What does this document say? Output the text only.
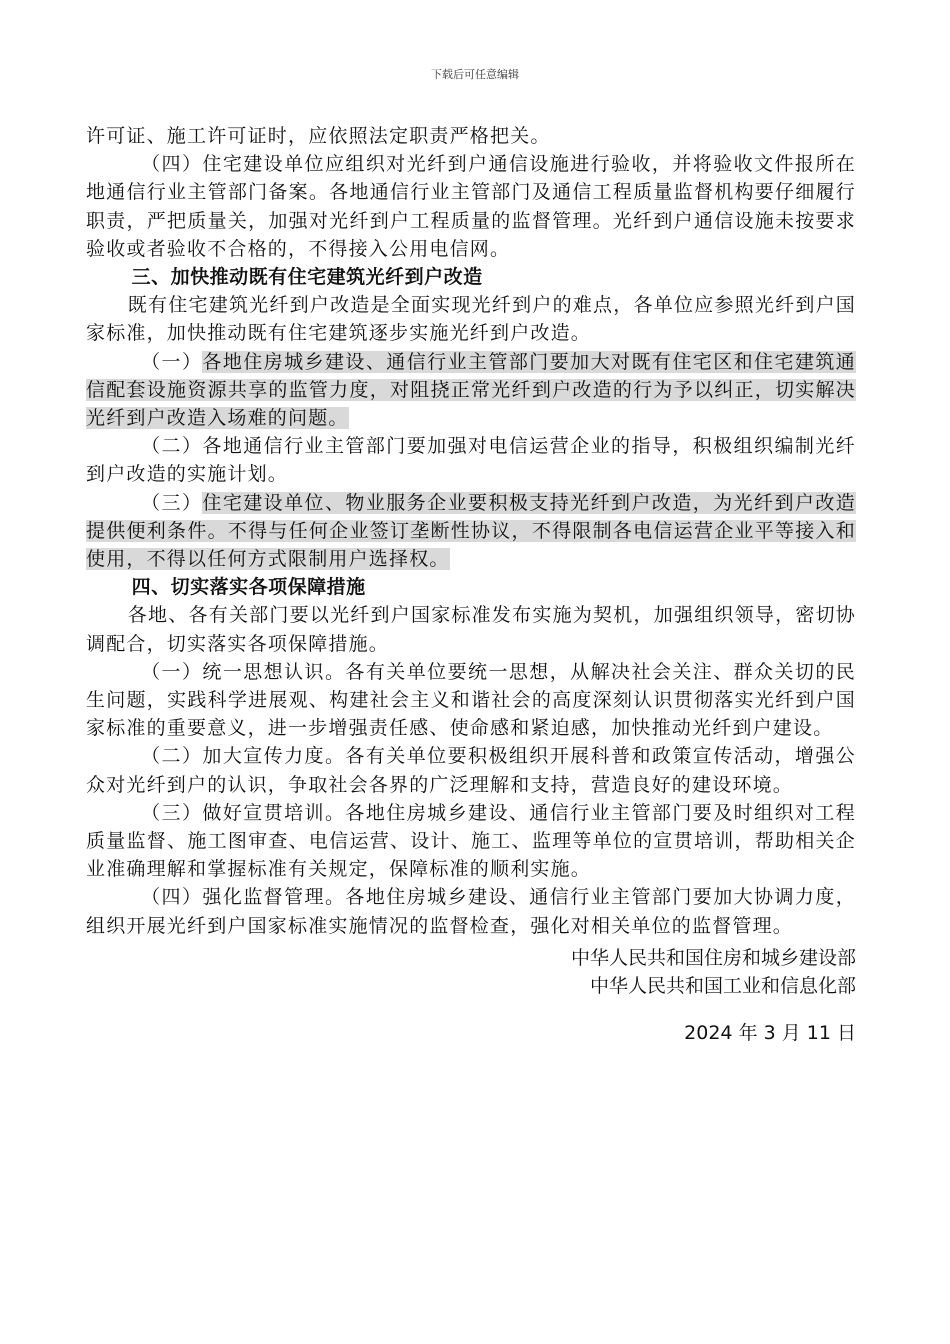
下载后可任意编辑

许可证、施工许可证时，应依照法定职责严格把关。

（四）住宅建设单位应组织对光纤到户通信设施进行验收，并将验收文件报所在地通信行业主管部门备案。各地通信行业主管部门及通信工程质量监督机构要仔细履行职责，严把质量关，加强对光纤到户工程质量的监督管理。光纤到户通信设施未按要求验收或者验收不合格的，不得接入公用电信网。

三、加快推动既有住宅建筑光纤到户改造

既有住宅建筑光纤到户改造是全面实现光纤到户的难点，各单位应参照光纤到户国家标准，加快推动既有住宅建筑逐步实施光纤到户改造。

（一）各地住房城乡建设、通信行业主管部门要加大对既有住宅区和住宅建筑通信配套设施资源共享的监管力度，对阻挠正常光纤到户改造的行为予以纠正，切实解决光纤到户改造入场难的问题。

（二）各地通信行业主管部门要加强对电信运营企业的指导，积极组织编制光纤到户改造的实施计划。

（三）住宅建设单位、物业服务企业要积极支持光纤到户改造，为光纤到户改造提供便利条件。不得与任何企业签订垄断性协议，不得限制各电信运营企业平等接入和使用，不得以任何方式限制用户选择权。

四、切实落实各项保障措施

各地、各有关部门要以光纤到户国家标准发布实施为契机，加强组织领导，密切协调配合，切实落实各项保障措施。

（一）统一思想认识。各有关单位要统一思想，从解决社会关注、群众关切的民生问题，实践科学进展观、构建社会主义和谐社会的高度深刻认识贯彻落实光纤到户国家标准的重要意义，进一步增强责任感、使命感和紧迫感，加快推动光纤到户建设。

（二）加大宣传力度。各有关单位要积极组织开展科普和政策宣传活动，增强公众对光纤到户的认识，争取社会各界的广泛理解和支持，营造良好的建设环境。

（三）做好宣贯培训。各地住房城乡建设、通信行业主管部门要及时组织对工程质量监督、施工图审查、电信运营、设计、施工、监理等单位的宣贯培训，帮助相关企业准确理解和掌握标准有关规定，保障标准的顺利实施。

（四）强化监督管理。各地住房城乡建设、通信行业主管部门要加大协调力度，组织开展光纤到户国家标准实施情况的监督检查，强化对相关单位的监督管理。

中华人民共和国住房和城乡建设部
中华人民共和国工业和信息化部
2024 年 3 月 11 日
